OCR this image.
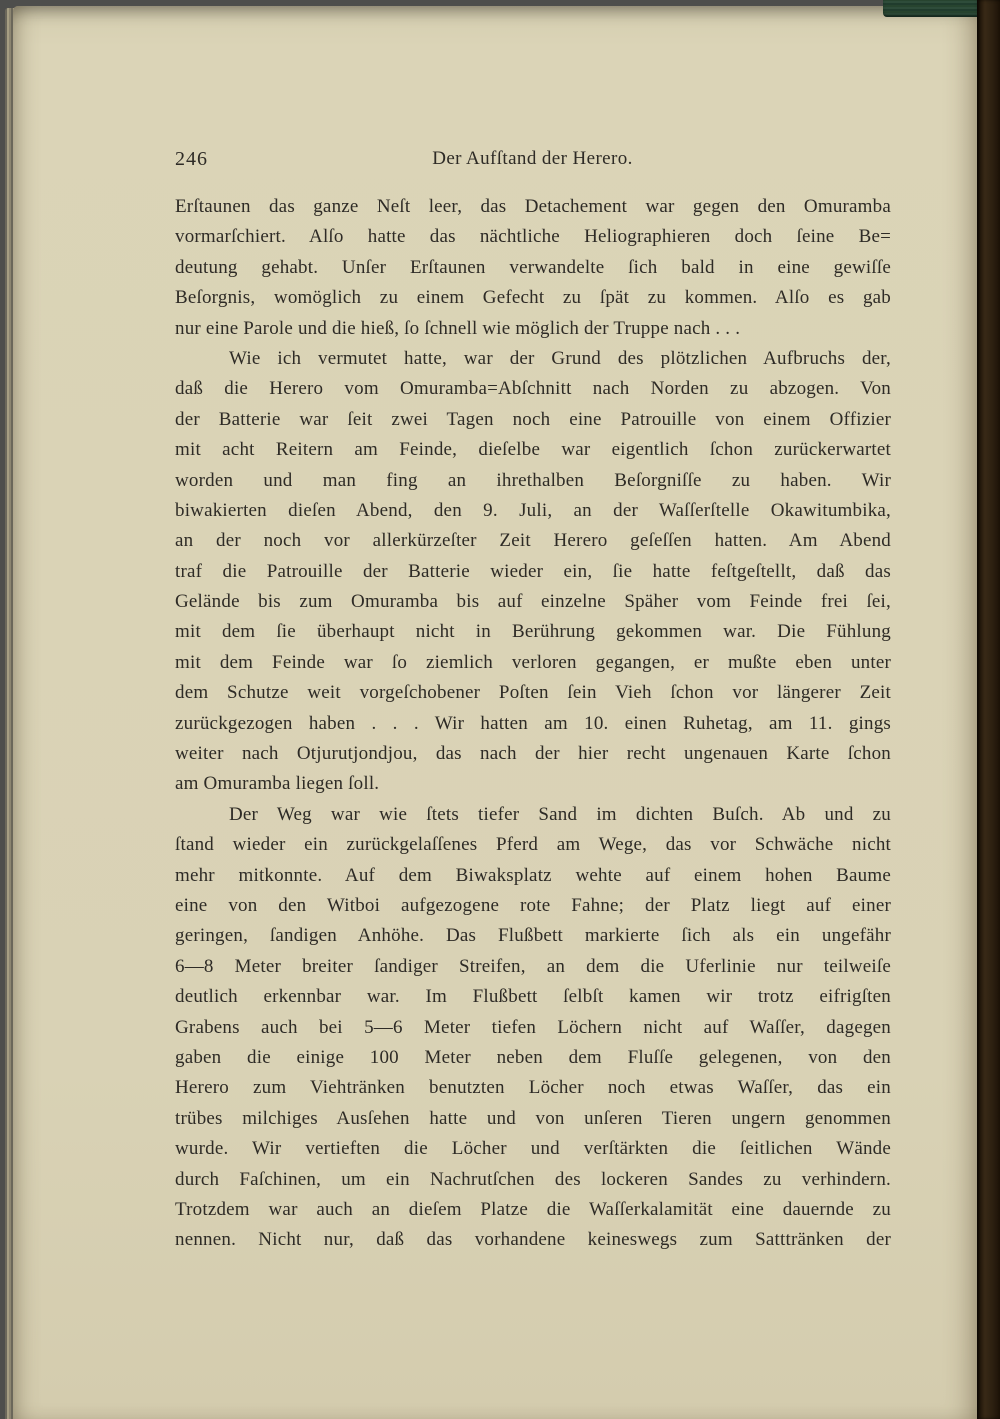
246	Der Aufſtand der Herero.
Erſtaunen das ganze Neſt leer, das Detachement war gegen den Omuramba
vormarſchiert. Alſo hatte das nächtliche Heliographieren doch ſeine Be=
deutung gehabt. Unſer Erſtaunen verwandelte ſich bald in eine gewiſſe
Beſorgnis, womöglich zu einem Gefecht zu ſpät zu kommen. Alſo es gab
nur eine Parole und die hieß, ſo ſchnell wie möglich der Truppe nach . . .
Wie ich vermutet hatte, war der Grund des plötzlichen Aufbruchs der,
daß die Herero vom Omuramba=Abſchnitt nach Norden zu abzogen. Von
der Batterie war ſeit zwei Tagen noch eine Patrouille von einem Offizier
mit acht Reitern am Feinde, dieſelbe war eigentlich ſchon zurückerwartet
worden und man fing an ihrethalben Beſorgniſſe zu haben. Wir
biwakierten dieſen Abend, den 9. Juli, an der Waſſerſtelle Okawitumbika,
an der noch vor allerkürzeſter Zeit Herero geſeſſen hatten. Am Abend
traf die Patrouille der Batterie wieder ein, ſie hatte feſtgeſtellt, daß das
Gelände bis zum Omuramba bis auf einzelne Späher vom Feinde frei ſei,
mit dem ſie überhaupt nicht in Berührung gekommen war. Die Fühlung
mit dem Feinde war ſo ziemlich verloren gegangen, er mußte eben unter
dem Schutze weit vorgeſchobener Poſten ſein Vieh ſchon vor längerer Zeit
zurückgezogen haben . . . Wir hatten am 10. einen Ruhetag, am 11. gings
weiter nach Otjurutjondjou, das nach der hier recht ungenauen Karte ſchon
am Omuramba liegen ſoll.
Der Weg war wie ſtets tiefer Sand im dichten Buſch. Ab und zu
ſtand wieder ein zurückgelaſſenes Pferd am Wege, das vor Schwäche nicht
mehr mitkonnte. Auf dem Biwaksplatz wehte auf einem hohen Baume
eine von den Witboi aufgezogene rote Fahne; der Platz liegt auf einer
geringen, ſandigen Anhöhe. Das Flußbett markierte ſich als ein ungefähr
6—8 Meter breiter ſandiger Streifen, an dem die Uferlinie nur teilweiſe
deutlich erkennbar war. Im Flußbett ſelbſt kamen wir trotz eifrigſten
Grabens auch bei 5—6 Meter tiefen Löchern nicht auf Waſſer, dagegen
gaben die einige 100 Meter neben dem Fluſſe gelegenen, von den
Herero zum Viehtränken benutzten Löcher noch etwas Waſſer, das ein
trübes milchiges Ausſehen hatte und von unſeren Tieren ungern genommen
wurde. Wir vertieften die Löcher und verſtärkten die ſeitlichen Wände
durch Faſchinen, um ein Nachrutſchen des lockeren Sandes zu verhindern.
Trotzdem war auch an dieſem Platze die Waſſerkalamität eine dauernde zu
nennen. Nicht nur, daß das vorhandene keineswegs zum Satttränken der
